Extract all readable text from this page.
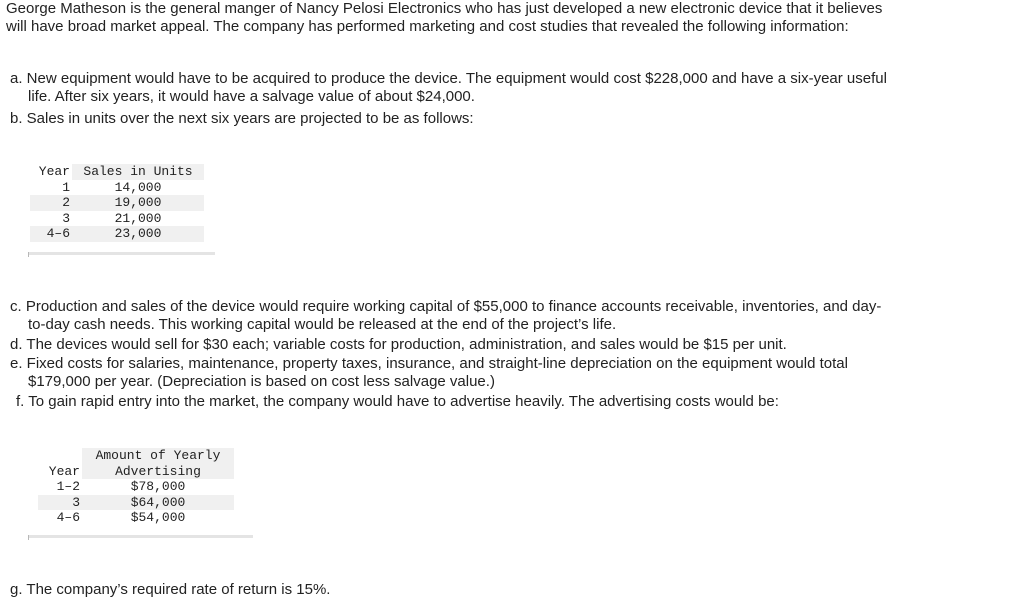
George Matheson is the general manger of Nancy Pelosi Electronics who has just developed a new electronic device that it believes
will have broad market appeal. The company has performed marketing and cost studies that revealed the following information:
a. New equipment would have to be acquired to produce the device. The equipment would cost $228,000 and have a six-year useful
life. After six years, it would have a salvage value of about $24,000.
b. Sales in units over the next six years are projected to be as follows:
Year	Sales in Units
1	14,000
2	19,000
3	21,000
4–6	23,000
c. Production and sales of the device would require working capital of $55,000 to finance accounts receivable, inventories, and day-
to-day cash needs. This working capital would be released at the end of the project’s life.
d. The devices would sell for $30 each; variable costs for production, administration, and sales would be $15 per unit.
e. Fixed costs for salaries, maintenance, property taxes, insurance, and straight-line depreciation on the equipment would total
$179,000 per year. (Depreciation is based on cost less salvage value.)
f. To gain rapid entry into the market, the company would have to advertise heavily. The advertising costs would be:
Year	Amount of Yearly
Advertising

1–2	$78,000
3	$64,000
4–6	$54,000
g. The company’s required rate of return is 15%.
